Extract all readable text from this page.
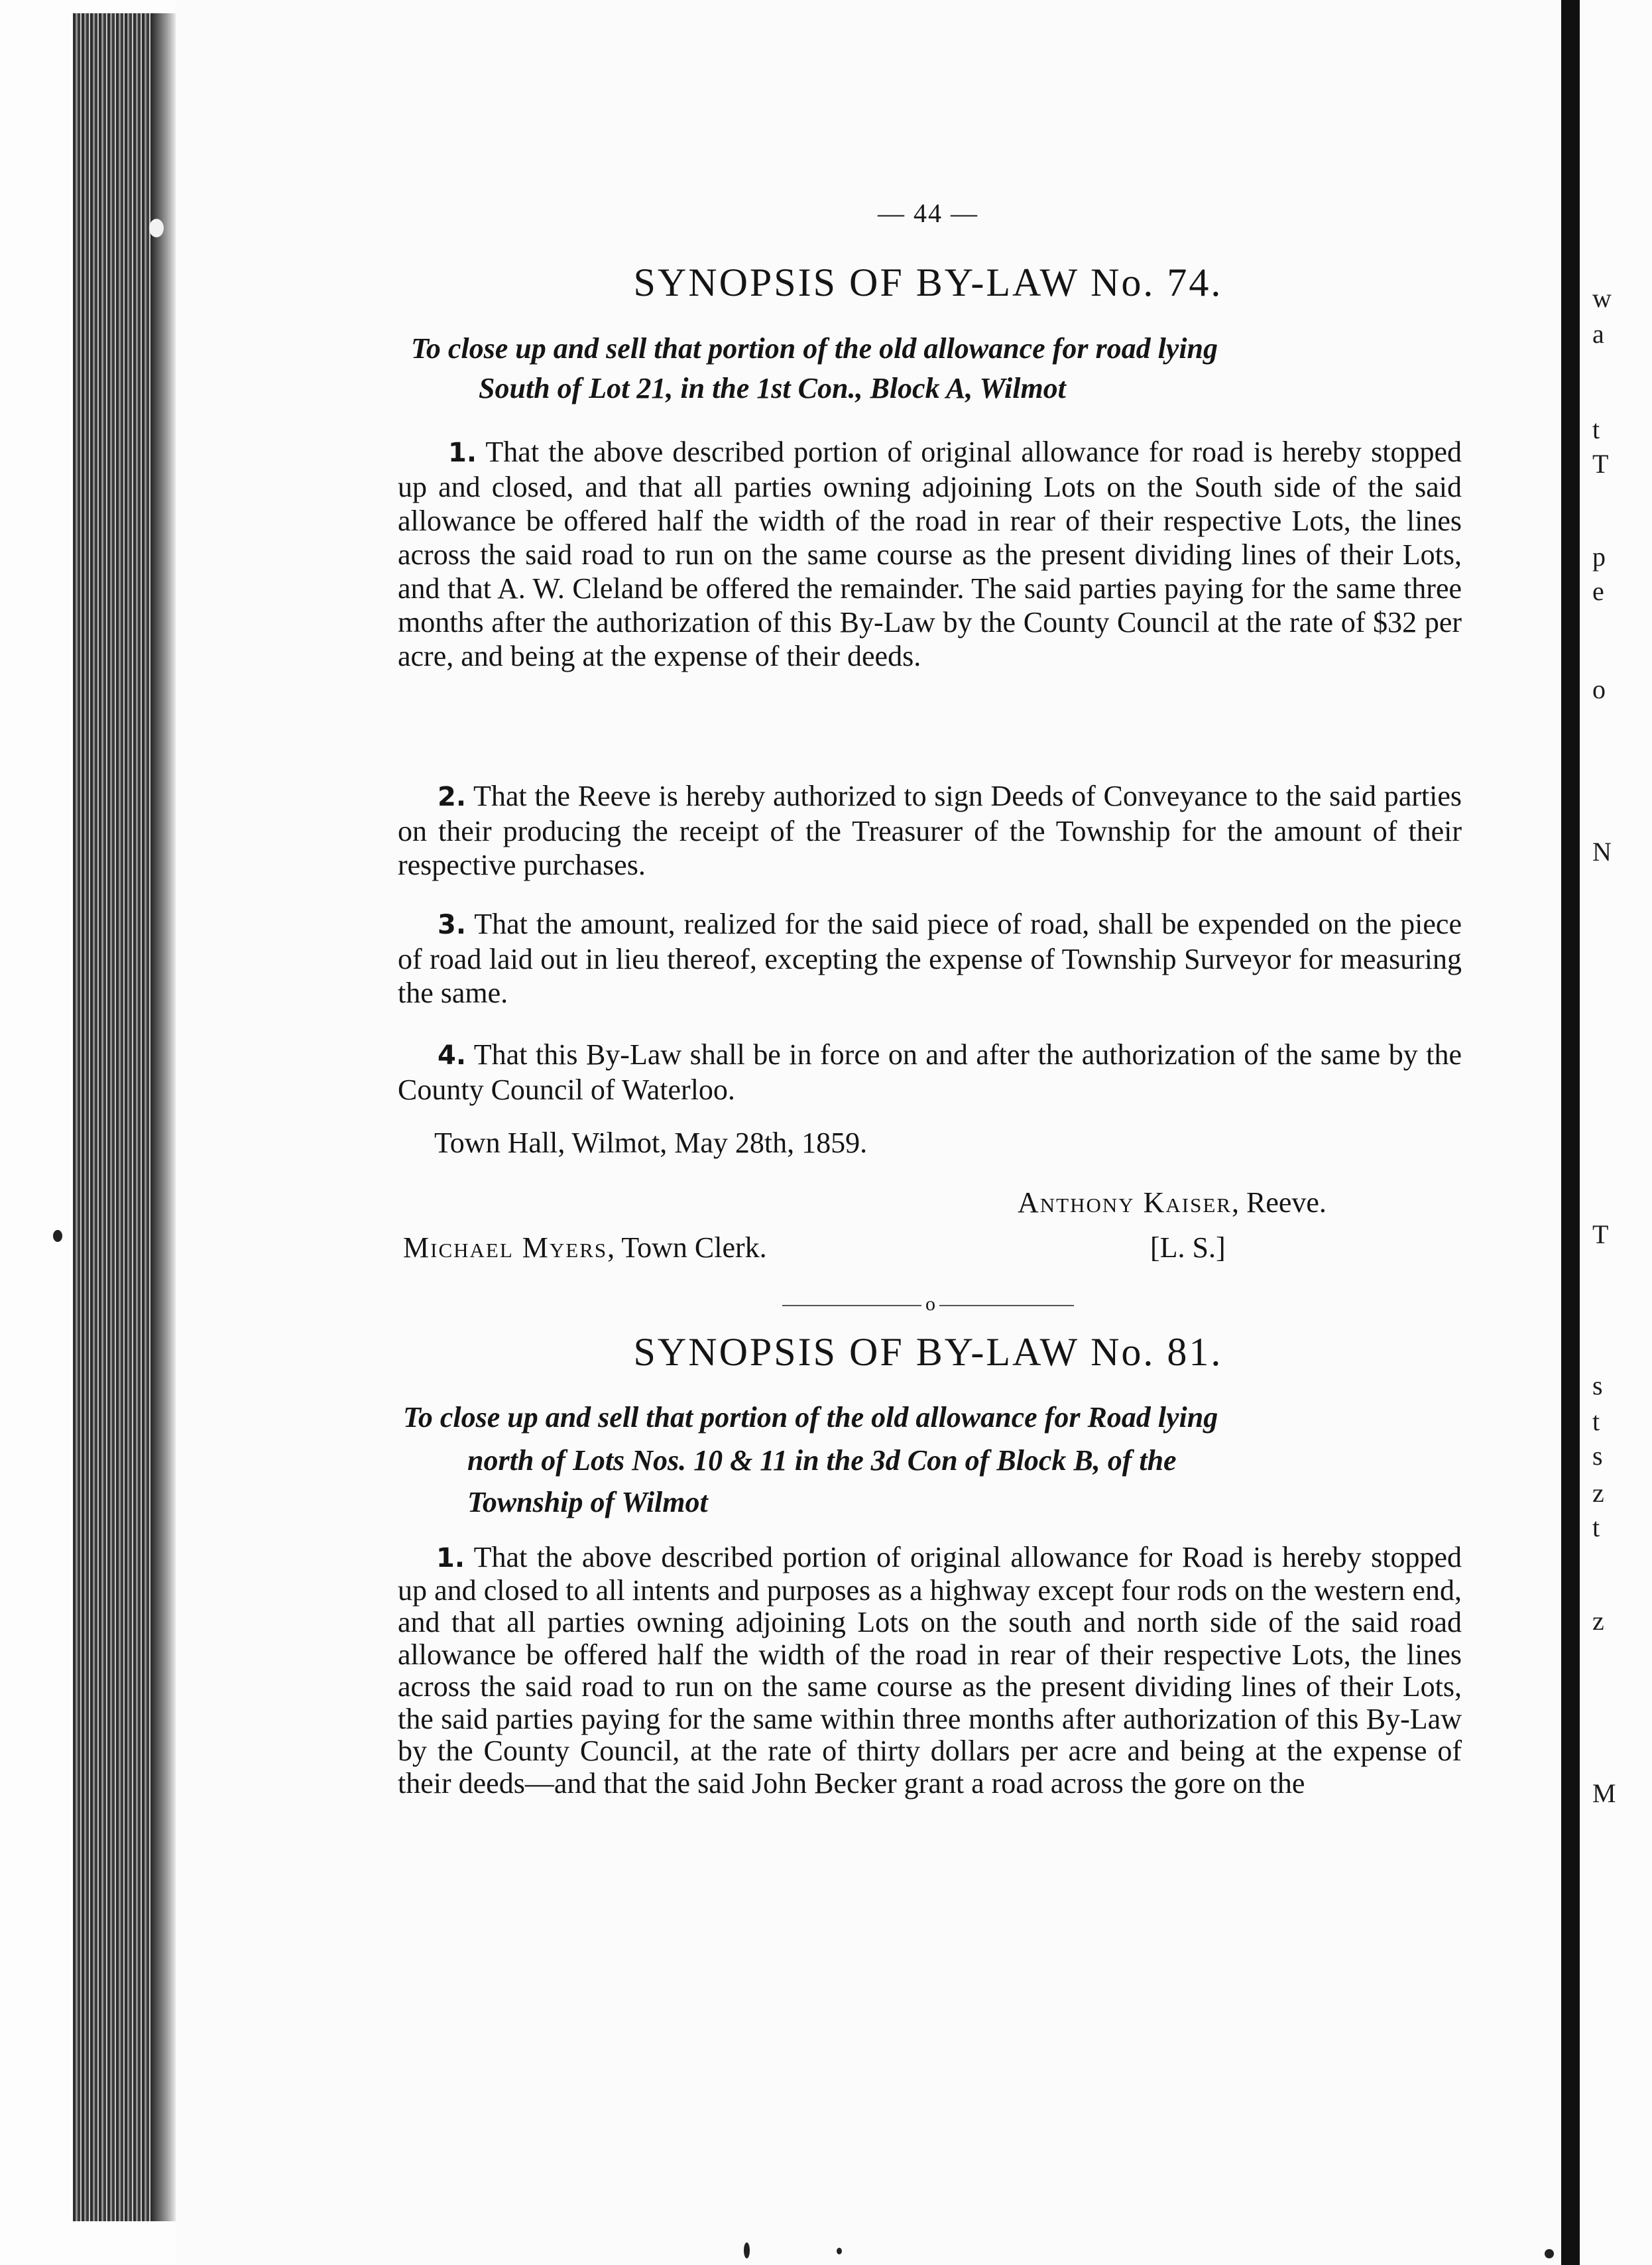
— 44 —
SYNOPSIS OF BY-LAW No. 74.
To close up and sell that portion of the old allowance for road lying
South of Lot 21, in the 1st Con., Block A, Wilmot
1. That the above described portion of original allowance for road is hereby stopped up and closed, and that all parties owning adjoining Lots on the South side of the said allowance be offered half the width of the road in rear of their respective Lots, the lines across the said road to run on the same course as the present dividing lines of their Lots, and that A. W. Cleland be offered the remainder. The said parties paying for the same three months after the authorization of this By-Law by the County Council at the rate of $32 per acre, and being at the expense of their deeds.
2. That the Reeve is hereby authorized to sign Deeds of Conveyance to the said parties on their producing the receipt of the Treasurer of the Township for the amount of their respective purchases.
3. That the amount, realized for the said piece of road, shall be expended on the piece of road laid out in lieu thereof, excepting the expense of Township Surveyor for measuring the same.
4. That this By-Law shall be in force on and after the authorization of the same by the County Council of Waterloo.
Town Hall, Wilmot, May 28th, 1859.
Anthony Kaiser, Reeve.
Michael Myers, Town Clerk.	[L. S.]
o
SYNOPSIS OF BY-LAW No. 81.
To close up and sell that portion of the old allowance for Road lying
north of Lots Nos. 10 & 11 in the 3d Con of Block B, of the
Township of Wilmot
1. That the above described portion of original allowance for Road is hereby stopped up and closed to all intents and purposes as a highway except four rods on the western end, and that all parties owning adjoining Lots on the south and north side of the said road allowance be offered half the width of the road in rear of their respective Lots, the lines across the said road to run on the same course as the present dividing lines of their Lots, the said parties paying for the same within three months after authorization of this By-Law by the County Council, at the rate of thirty dollars per acre and being at the expense of their deeds—and that the said John Becker grant a road across the gore on the
w
a
t
T
p
e
o
N
T
s
t
s
z
t
z
M
